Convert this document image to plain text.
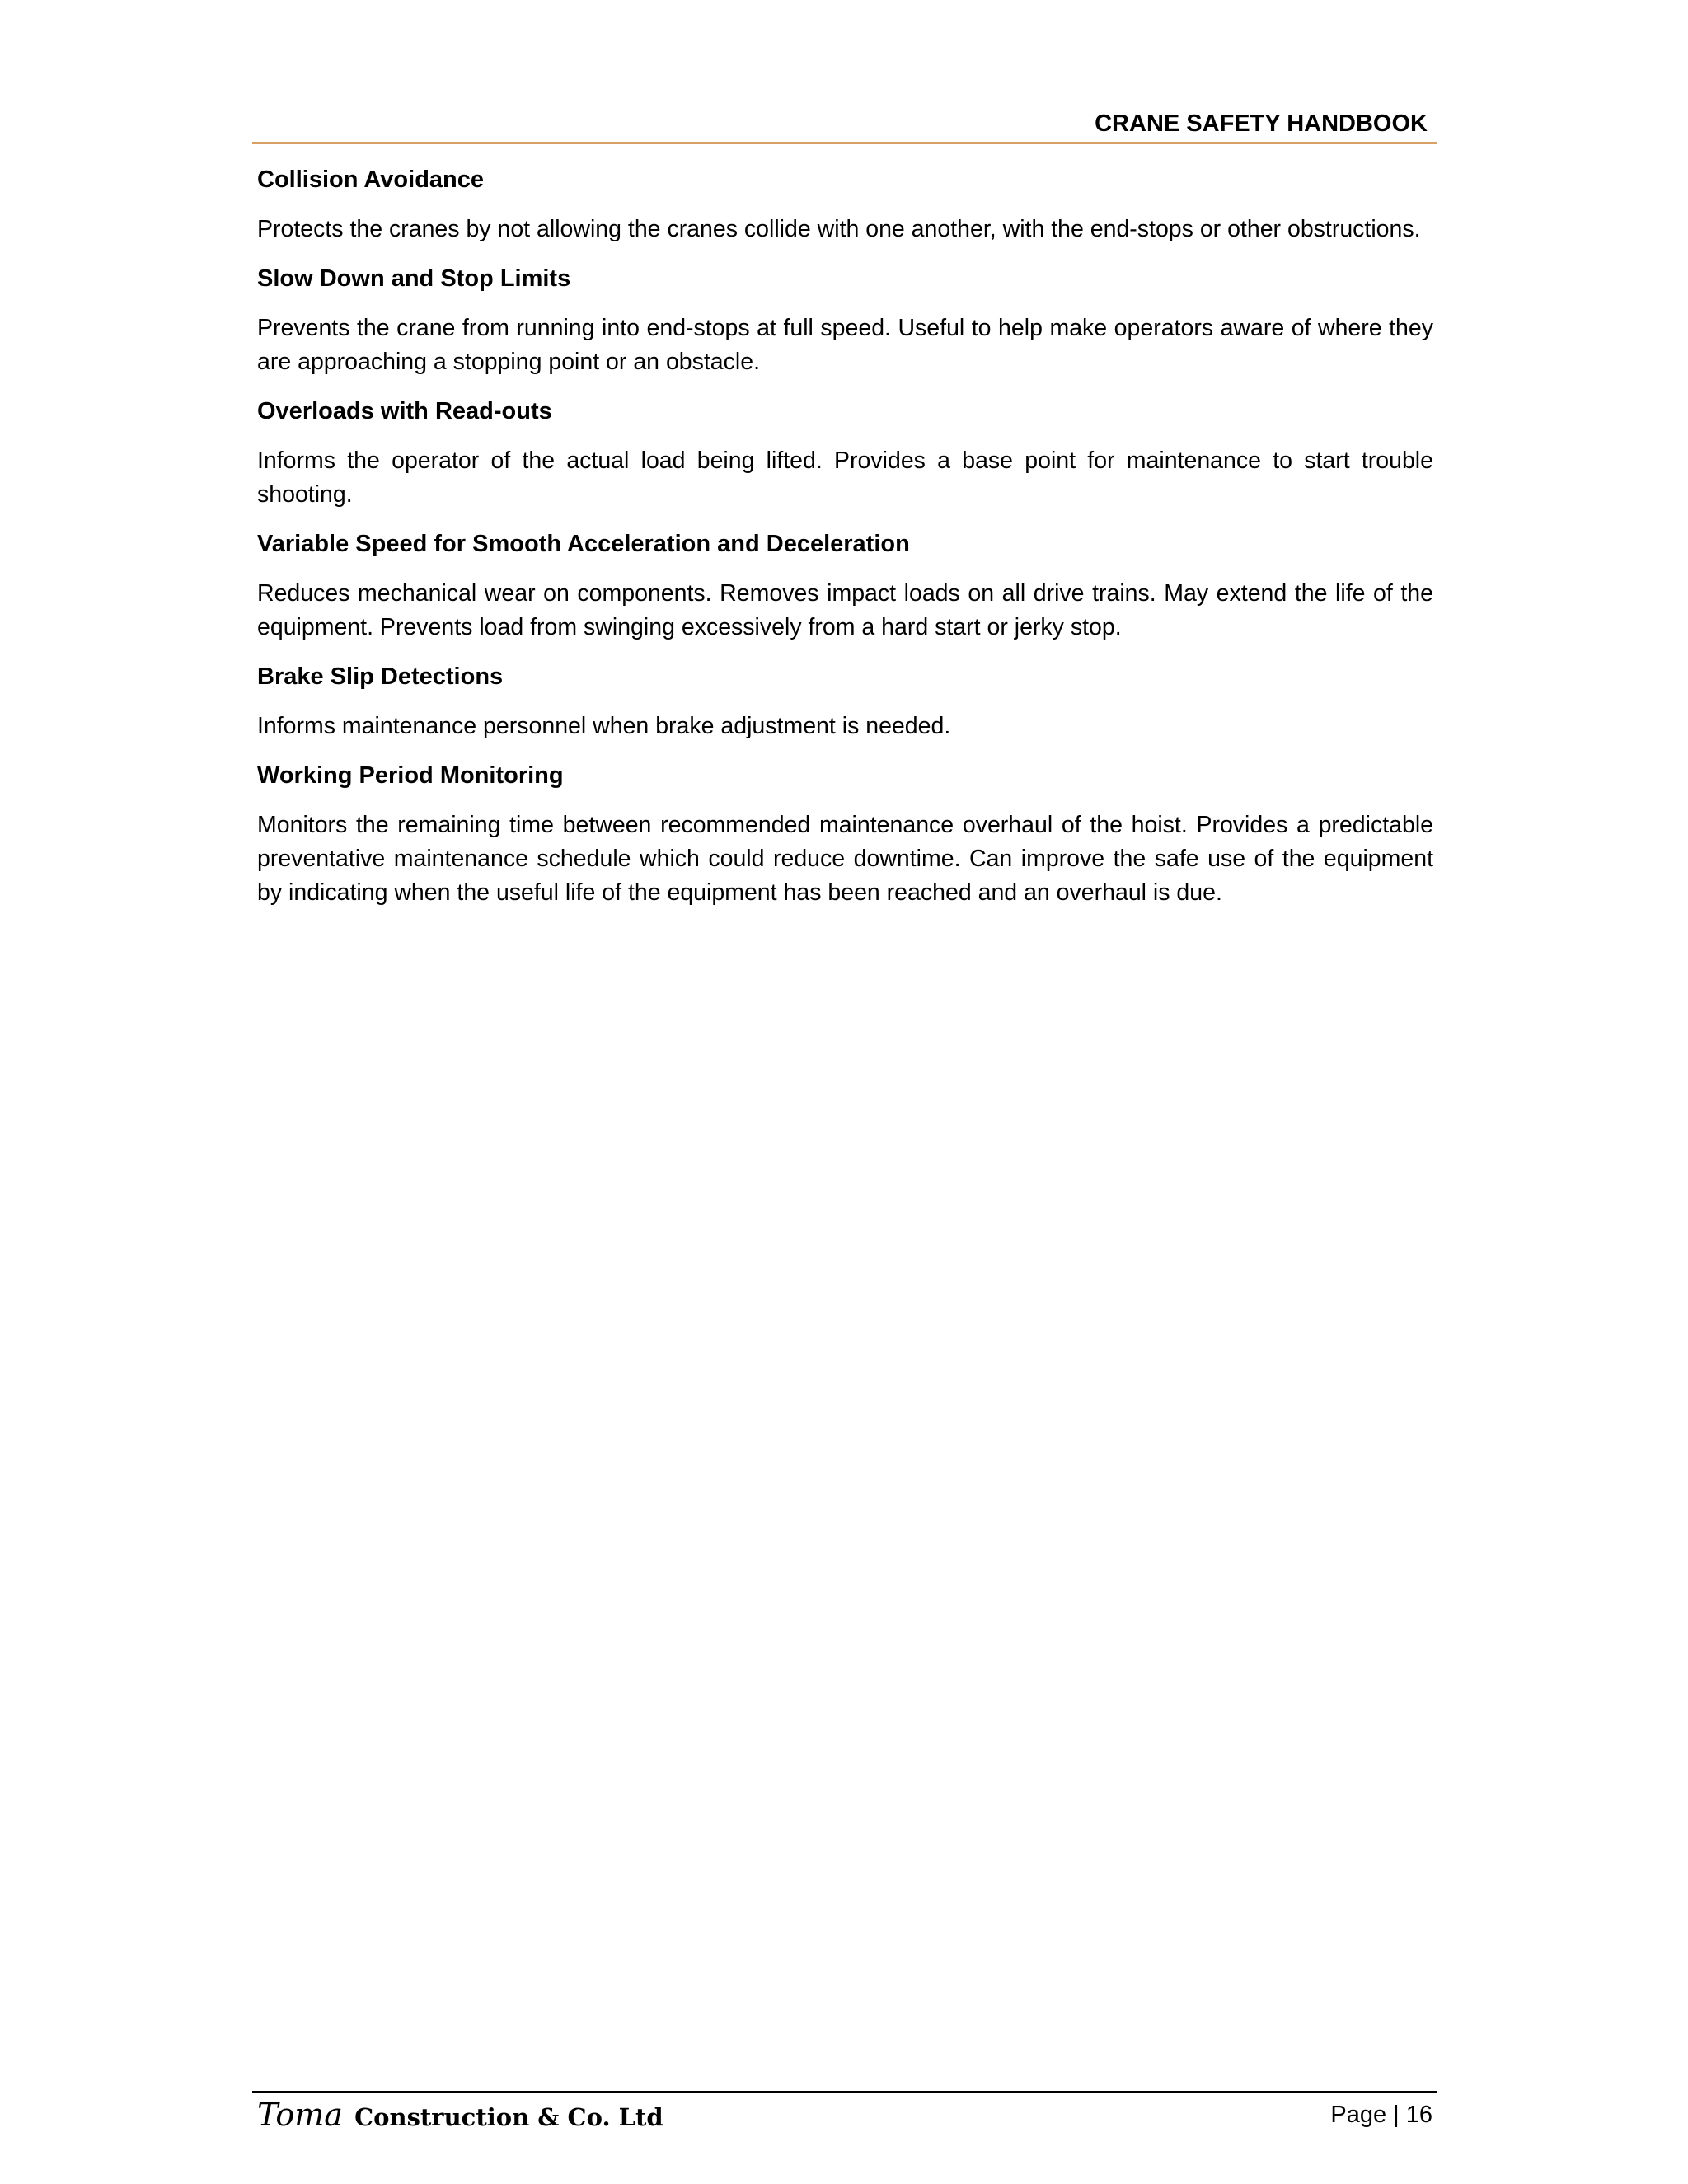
CRANE SAFETY HANDBOOK
Collision Avoidance
Protects the cranes by not allowing the cranes collide with one another, with the end-stops or other obstructions.
Slow Down and Stop Limits
Prevents the crane from running into end-stops at full speed. Useful to help make operators aware of where they are approaching a stopping point or an obstacle.
Overloads with Read-outs
Informs the operator of the actual load being lifted. Provides a base point for maintenance to start trouble shooting.
Variable Speed for Smooth Acceleration and Deceleration
Reduces mechanical wear on components. Removes impact loads on all drive trains. May extend the life of the equipment. Prevents load from swinging excessively from a hard start or jerky stop.
Brake Slip Detections
Informs maintenance personnel when brake adjustment is needed.
Working Period Monitoring
Monitors the remaining time between recommended maintenance overhaul of the hoist. Provides a predictable preventative maintenance schedule which could reduce downtime. Can improve the safe use of the equipment by indicating when the useful life of the equipment has been reached and an overhaul is due.
Toma Construction & Co. Ltd	Page | 16
